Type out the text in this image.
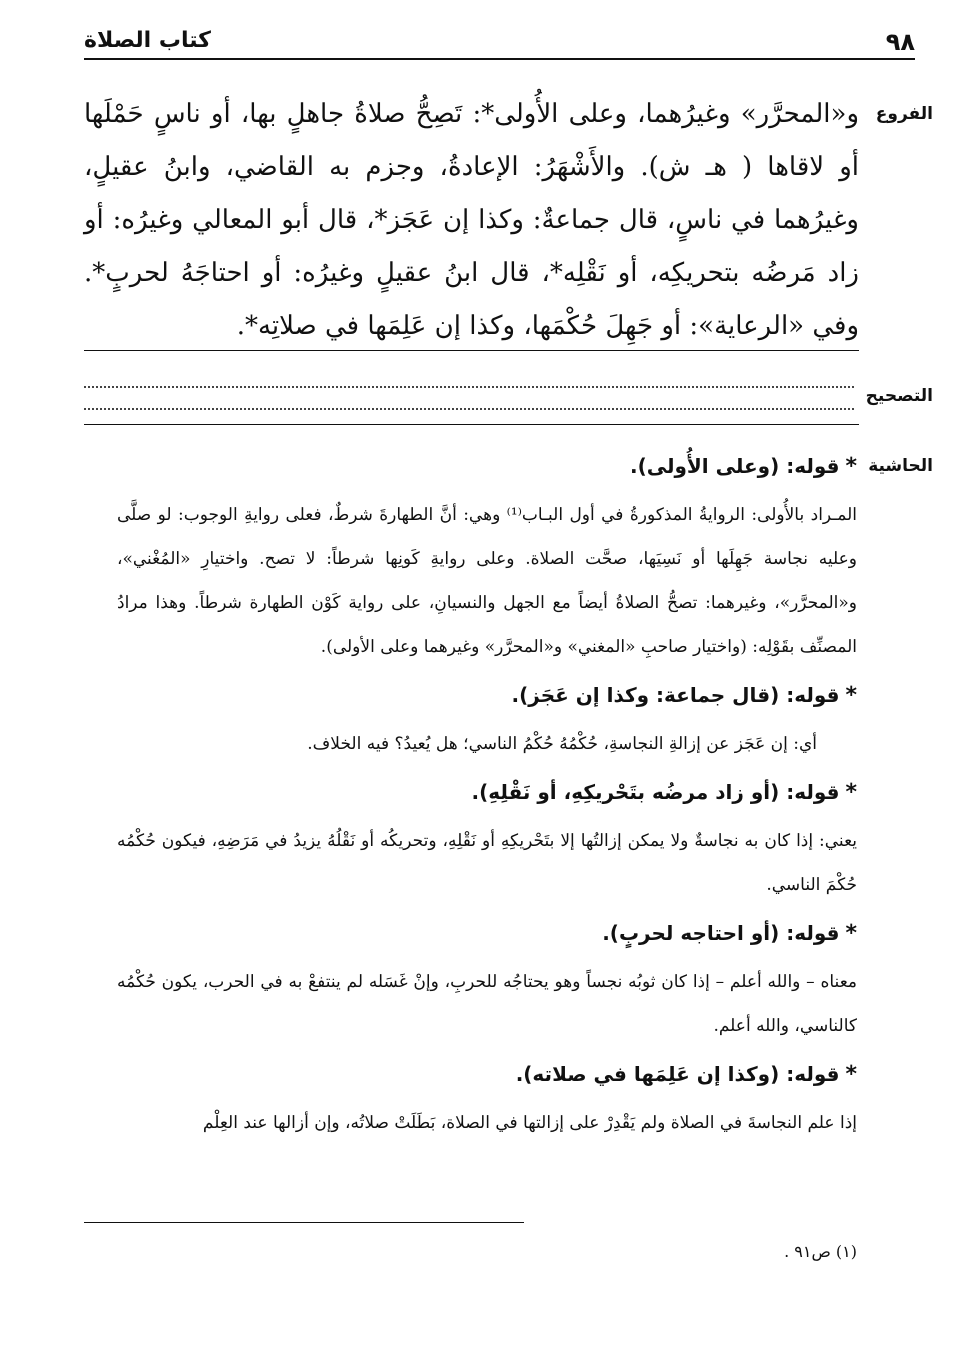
٩٨
كتاب الصلاة
الفروع

و«المحرَّر» وغيرُهما، وعلى الأُولى*: تَصِحُّ صلاةُ جاهلٍ بها، أو ناسٍ حَمْلَها أو لاقاها ( هـ ش). والأَشْهَرُ: الإعادةُ، وجزم به القاضي، وابنُ عقيلٍ، وغيرُهما في ناسٍ، قال جماعةٌ: وكذا إن عَجَز*، قال أبو المعالي وغيرُه: أو زاد مَرضُه بتحريكِه، أو نَقْلِه*، قال ابنُ عقيلٍ وغيرُه: أو احتاجَهُ لحربٍ*. وفي «الرعاية»: أو جَهِلَ حُكْمَها، وكذا إن عَلِمَها في صلاتِه*.

التصحيح
الحاشية
*قوله: (وعلى الأُولى).
المـراد بالأُولى: الروايةُ المذكورةُ في أول البـاب⁽¹⁾ وهي: أنَّ الطهارةَ شرطٌ، فعلى روايةِ الوجوب: لو صلَّى وعليه نجاسة جَهِلَها أو نَسِيَها، صحَّت الصلاة. وعلى روايةِ كَونِها شرطاً: لا تصح. واختيارِ «المُغْني»، و«المحرَّر»، وغيرهما: تصحُّ الصلاةُ أيضاً مع الجهل والنسيانِ، على رواية كَوْن الطهارة شرطاً. وهذا مرادُ المصنِّف بقَوْلِه: (واختيار صاحبِ «المغني» و«المحرَّر» وغيرهما وعلى الأولى).
*قوله: (قال جماعة: وكذا إن عَجَز).
أي: إن عَجَز عن إزالةِ النجاسةِ، حُكْمُهُ حُكْمُ الناسي؛ هل يُعيدُ؟ فيه الخلاف.
*قوله: (أو زاد مرضُه بتَحْريكِهِ، أو نَقْلِهِ).
يعني: إذا كان به نجاسةٌ ولا يمكن إزالتُها إلا بتَحْريكِهِ أو نَقْلِهِ، وتحريكُه أو نَقْلُهُ يزيدُ في مَرَضِهِ، فيكون حُكْمُه حُكْمَ الناسي.
*قوله: (أو احتاجه لحربٍ).
معناه – والله أعلم – إذا كان ثوبُه نجساً وهو يحتاجُه للحربِ، وإنْ غَسَله لم ينتفعْ به في الحرب، يكون حُكْمُه كالناسي، والله أعلم.
*قوله: (وكذا إن عَلِمَها في صلاته).
إذا علم النجاسةَ في الصلاة ولم يَقْدِرْ على إزالتها في الصلاة، بَطَلَتْ صلاتُه، وإن أزالها عند العِلْم
(١) ص٩١ .
